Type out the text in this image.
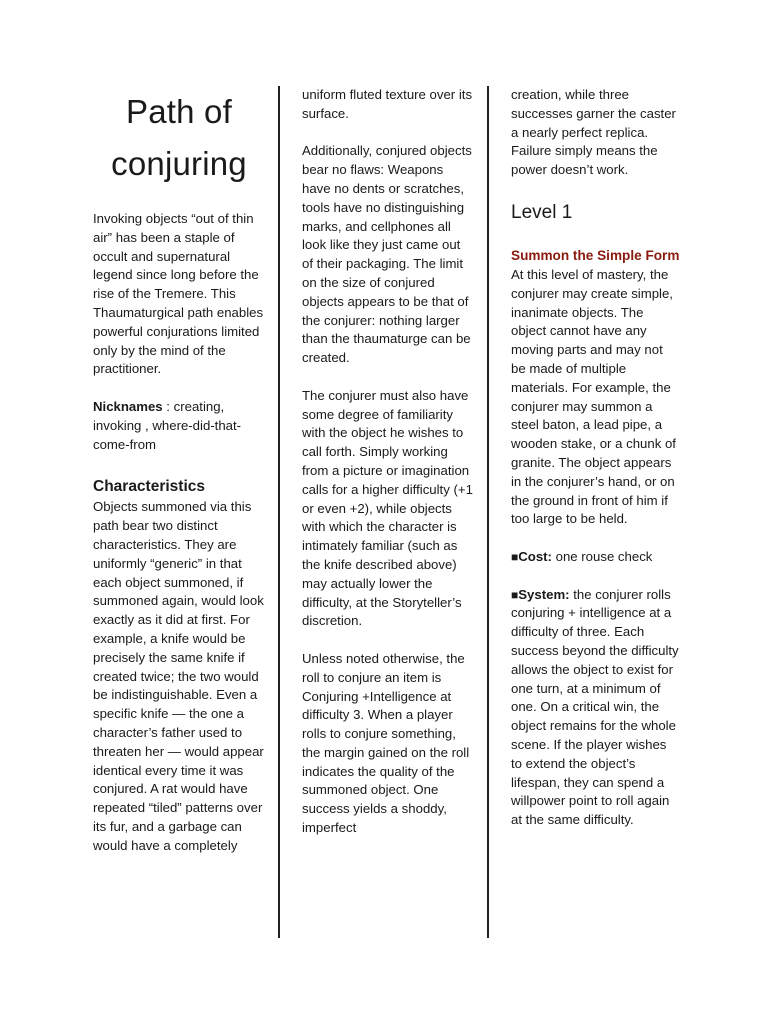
Path of
conjuring

Invoking objects “out of thin air” has been a staple of occult and supernatural legend since long before the rise of the Tremere. This Thaumaturgical path enables powerful conjurations limited only by the mind of the practitioner.

Nicknames : creating, invoking , where-did-that-come-from

Characteristics

Objects summoned via this path bear two distinct characteristics. They are uniformly “generic” in that each object summoned, if summoned again, would look exactly as it did at first. For example, a knife would be precisely the same knife if created twice; the two would be indistinguishable. Even a specific knife — the one a character’s father used to threaten her — would appear identical every time it was conjured. A rat would have repeated “tiled” patterns over its fur, and a garbage can would have a completely

uniform fluted texture over its surface.

Additionally, conjured objects bear no flaws: Weapons have no dents or scratches, tools have no distinguishing marks, and cellphones all look like they just came out of their packaging. The limit on the size of conjured objects appears to be that of the conjurer: nothing larger than the thaumaturge can be created.

The conjurer must also have some degree of familiarity with the object he wishes to call forth. Simply working from a picture or imagination calls for a higher difficulty (+1 or even +2), while objects with which the character is intimately familiar (such as the knife described above) may actually lower the difficulty, at the Storyteller’s discretion.

Unless noted otherwise, the roll to conjure an item is Conjuring +Intelligence at difficulty 3. When a player rolls to conjure something, the margin gained on the roll indicates the quality of the summoned object. One success yields a shoddy, imperfect

creation, while three successes garner the caster a nearly perfect replica. Failure simply means the power doesn’t work.

Level 1

Summon the Simple Form

At this level of mastery, the conjurer may create simple, inanimate objects. The object cannot have any moving parts and may not be made of multiple materials. For example, the conjurer may summon a steel baton, a lead pipe, a wooden stake, or a chunk of granite. The object appears in the conjurer’s hand, or on the ground in front of him if too large to be held.

■Cost: one rouse check

■System: the conjurer rolls conjuring + intelligence at a difficulty of three. Each success beyond the difficulty allows the object to exist for one turn, at a minimum of one. On a critical win, the object remains for the whole scene. If the player wishes to extend the object’s lifespan, they can spend a willpower point to roll again at the same difficulty.
